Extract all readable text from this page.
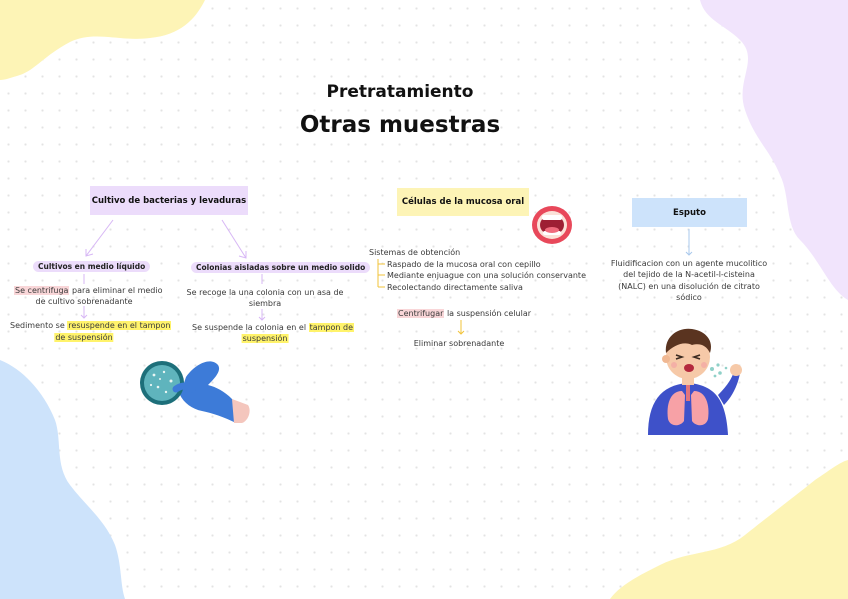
Pretratamiento
Otras muestras
Cultivo de bacterias y levaduras
Cultivos en medio líquido	Colonias aisladas sobre un medio solido
Se centrifuga para eliminar el medio
de cultivo sobrenadante
Sedimento se resuspende en el tampon
de suspensión
Se recoge la una colonia con un asa de
siembra
Se suspende la colonia en el tampon de
suspensión
Células de la mucosa oral
Sistemas de obtención
Raspado de la mucosa oral con cepillo
Mediante enjuague con una solución conservante
Recolectando directamente saliva
Centrifugar la suspensión celular
Eliminar sobrenadante
Esputo
Fluidificacion con un agente mucolitico
del tejido de la N-acetil-l-cisteina
(NALC) en una disolución de citrato
sódico
